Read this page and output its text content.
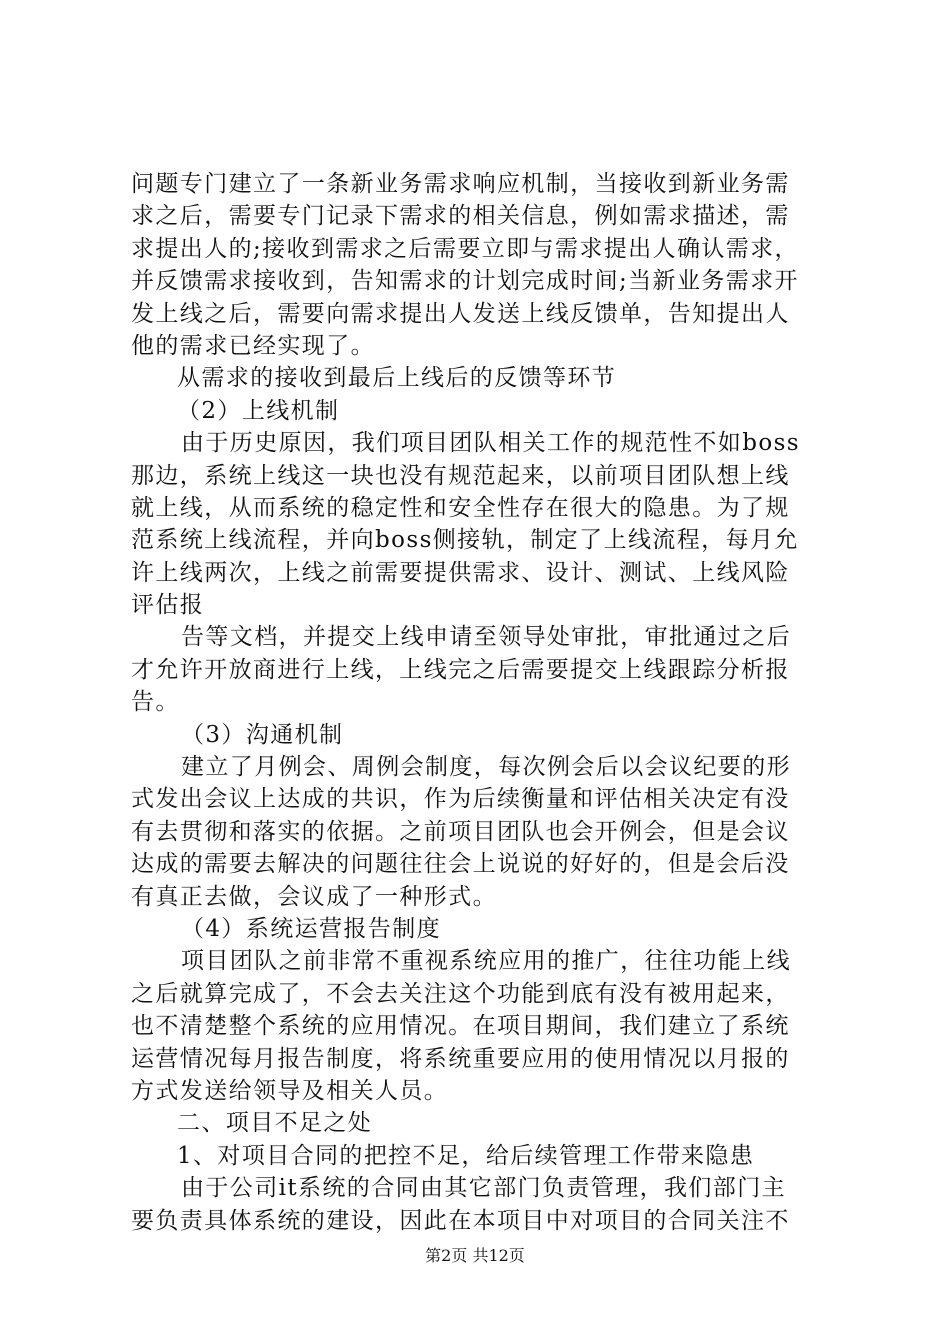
问题专门建立了一条新业务需求响应机制，当接收到新业务需
求之后，需要专门记录下需求的相关信息，例如需求描述，需
求提出人的;接收到需求之后需要立即与需求提出人确认需求，
并反馈需求接收到，告知需求的计划完成时间;当新业务需求开
发上线之后，需要向需求提出人发送上线反馈单，告知提出人
他的需求已经实现了。
从需求的接收到最后上线后的反馈等环节
（2）上线机制
由于历史原因，我们项目团队相关工作的规范性不如boss
那边，系统上线这一块也没有规范起来，以前项目团队想上线
就上线，从而系统的稳定性和安全性存在很大的隐患。为了规
范系统上线流程，并向boss侧接轨，制定了上线流程，每月允
许上线两次，上线之前需要提供需求、设计、测试、上线风险
评估报
告等文档，并提交上线申请至领导处审批，审批通过之后
才允许开放商进行上线，上线完之后需要提交上线跟踪分析报
告。
（3）沟通机制
建立了月例会、周例会制度，每次例会后以会议纪要的形
式发出会议上达成的共识，作为后续衡量和评估相关决定有没
有去贯彻和落实的依据。之前项目团队也会开例会，但是会议
达成的需要去解决的问题往往会上说说的好好的，但是会后没
有真正去做，会议成了一种形式。
（4）系统运营报告制度
项目团队之前非常不重视系统应用的推广，往往功能上线
之后就算完成了，不会去关注这个功能到底有没有被用起来，
也不清楚整个系统的应用情况。在项目期间，我们建立了系统
运营情况每月报告制度，将系统重要应用的使用情况以月报的
方式发送给领导及相关人员。
二、项目不足之处
1、对项目合同的把控不足，给后续管理工作带来隐患
由于公司it系统的合同由其它部门负责管理，我们部门主
要负责具体系统的建设，因此在本项目中对项目的合同关注不
第2页 共12页
